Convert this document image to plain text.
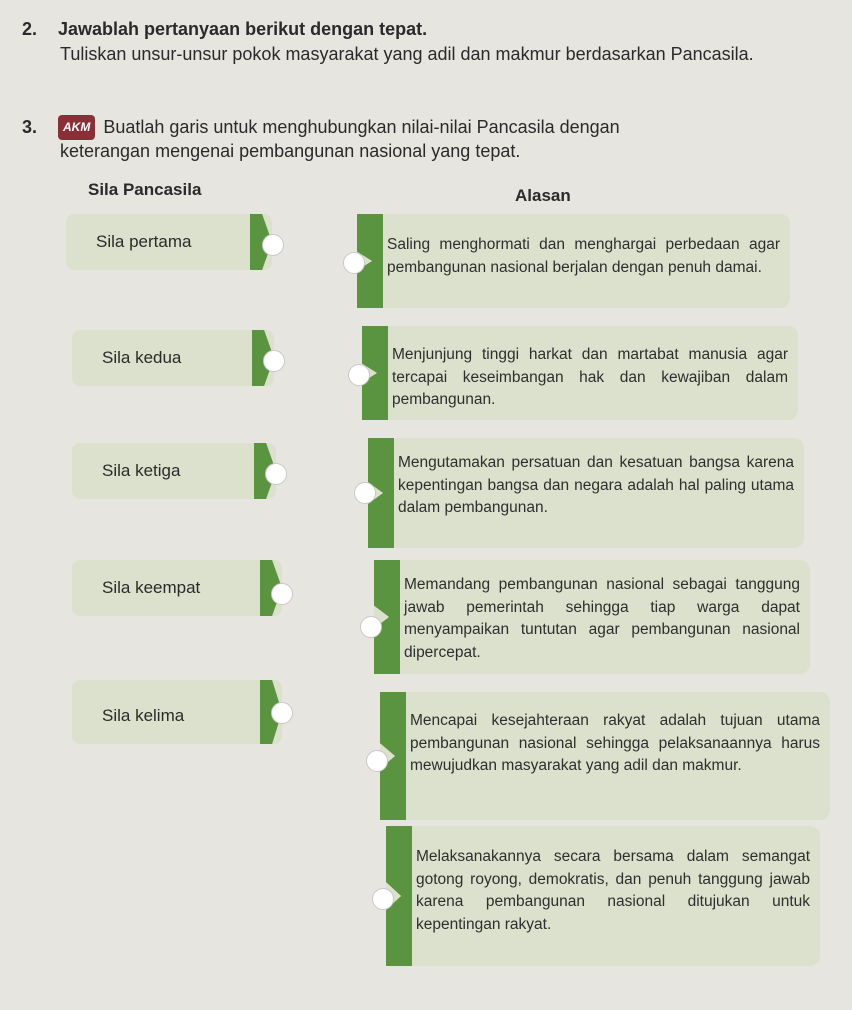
2. Jawablah pertanyaan berikut dengan tepat.
Tuliskan unsur-unsur pokok masyarakat yang adil dan makmur berdasarkan Pancasila.
3. AKM Buatlah garis untuk menghubungkan nilai-nilai Pancasila dengan
keterangan mengenai pembangunan nasional yang tepat.
Sila Pancasila	Alasan
Sila pertama
Sila kedua
Sila ketiga
Sila keempat
Sila kelima
Saling menghormati dan menghargai perbedaan agar pembangunan nasional berjalan dengan penuh damai.
Menjunjung tinggi harkat dan martabat manusia agar tercapai keseimbangan hak dan kewajiban dalam pembangunan.
Mengutamakan persatuan dan kesatuan bangsa karena kepentingan bangsa dan negara adalah hal paling utama dalam pembangunan.
Memandang pembangunan nasional sebagai tanggung jawab pemerintah sehingga tiap warga dapat menyampaikan tuntutan agar pembangunan nasional dipercepat.
Mencapai kesejahteraan rakyat adalah tujuan utama pembangunan nasional sehingga pelaksanaannya harus mewujudkan masyarakat yang adil dan makmur.
Melaksanakannya secara bersama dalam semangat gotong royong, demokratis, dan penuh tanggung jawab karena pembangunan nasional ditujukan untuk kepentingan rakyat.
